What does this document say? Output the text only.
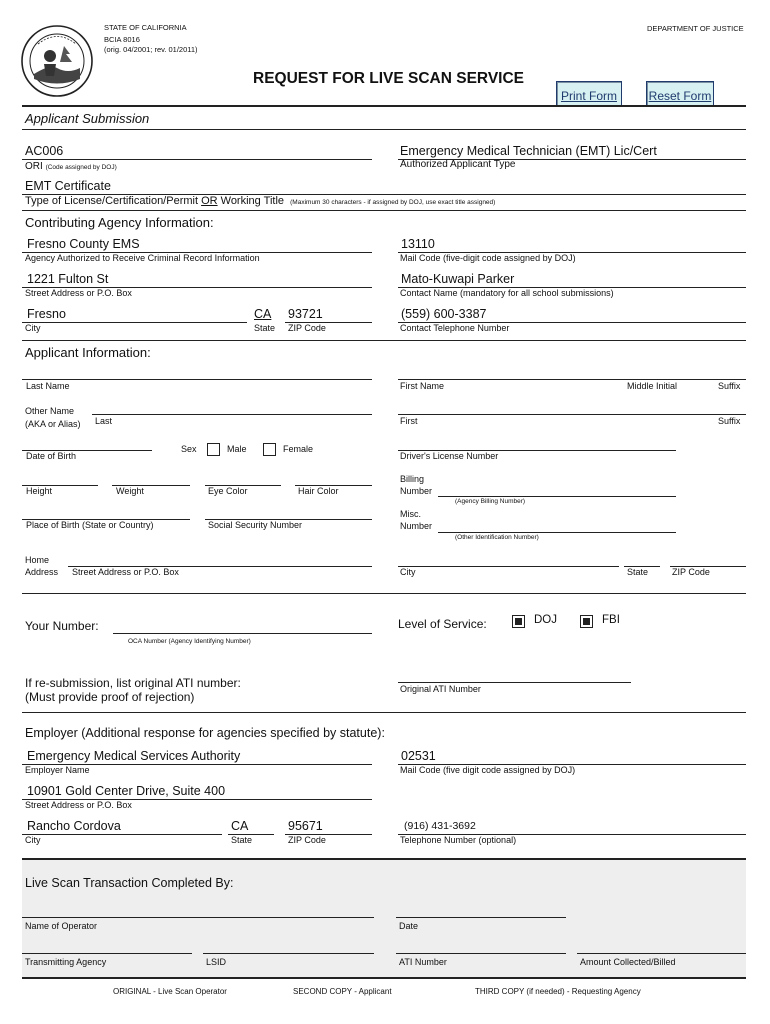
STATE OF CALIFORNIA
BCIA 8016
(orig. 04/2001; rev. 01/2011)
DEPARTMENT OF JUSTICE
REQUEST FOR LIVE SCAN SERVICE
Print Form	Reset Form
Applicant Submission
AC006
ORI (Code assigned by DOJ)
Emergency Medical Technician (EMT) Lic/Cert
Authorized Applicant Type
EMT Certificate
Type of License/Certification/Permit OR Working Title (Maximum 30 characters - if assigned by DOJ, use exact title assigned)
Contributing Agency Information:
Fresno County EMS
Agency Authorized to Receive Criminal Record Information
13110
Mail Code (five-digit code assigned by DOJ)
1221 Fulton St
Street Address or P.O. Box
Mato-Kuwapi Parker
Contact Name (mandatory for all school submissions)
Fresno
City
CA
State
93721
ZIP Code
(559) 600-3387
Contact Telephone Number
Applicant Information:
Last Name	First Name	Middle Initial	Suffix
Other Name
(AKA or Alias) Last	First	Suffix
Date of Birth
Sex	Male	Female
Driver's License Number
Height	Weight	Eye Color	Hair Color
Billing
Number
(Agency Billing Number)
Place of Birth (State or Country)	Social Security Number
Misc.
Number
(Other Identification Number)
Home
Address Street Address or P.O. Box	City	State	ZIP Code
Your Number:
OCA Number (Agency Identifying Number)
Level of Service:	DOJ	FBI
If re-submission, list original ATI number:
(Must provide proof of rejection)
Original ATI Number
Employer (Additional response for agencies specified by statute):
Emergency Medical Services Authority
Employer Name
02531
Mail Code (five digit code assigned by DOJ)
10901 Gold Center Drive, Suite 400
Street Address or P.O. Box
Rancho Cordova
City
CA
State
95671
ZIP Code
(916) 431-3692
Telephone Number (optional)
Live Scan Transaction Completed By:
Name of Operator	Date
Transmitting Agency	LSID	ATI Number	Amount Collected/Billed
ORIGINAL - Live Scan Operator	SECOND COPY - Applicant	THIRD COPY (if needed) - Requesting Agency
